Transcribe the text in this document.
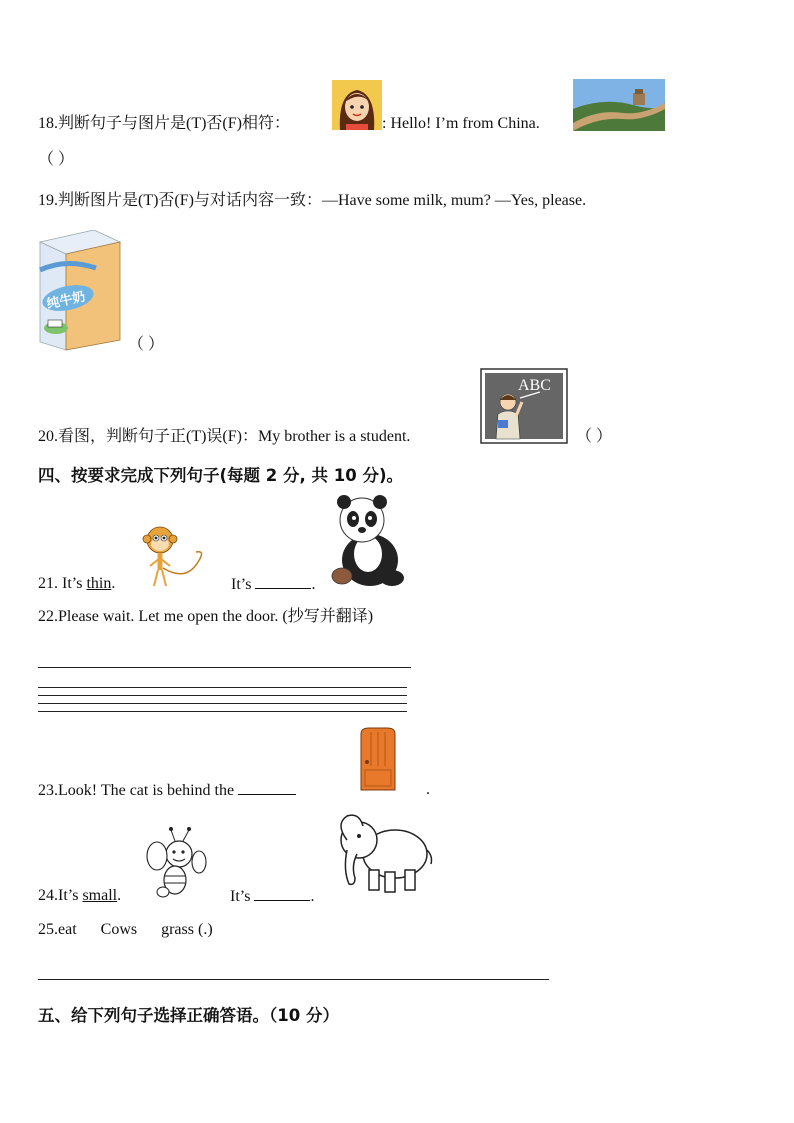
18.判断句子与图片是(T)否(F)相符：	: Hello! I’m from China.
（ ）
19.判断图片是(T)否(F)与对话内容一致：—Have some milk, mum? —Yes, please.
纯牛奶
（ ）
20.看图，判断句子正(T)误(F)：My brother is a student.
ABC
（ ）
四、按要求完成下列句子(每题 2 分, 共 10 分)。
21. It’s thin.	It’s	.
22.Please wait. Let me open the door. (抄写并翻译)
23.Look! The cat is behind the	.
24.It’s small.	It’s	.
25.eat      Cows      grass (.)
五、给下列句子选择正确答语。（10 分）
